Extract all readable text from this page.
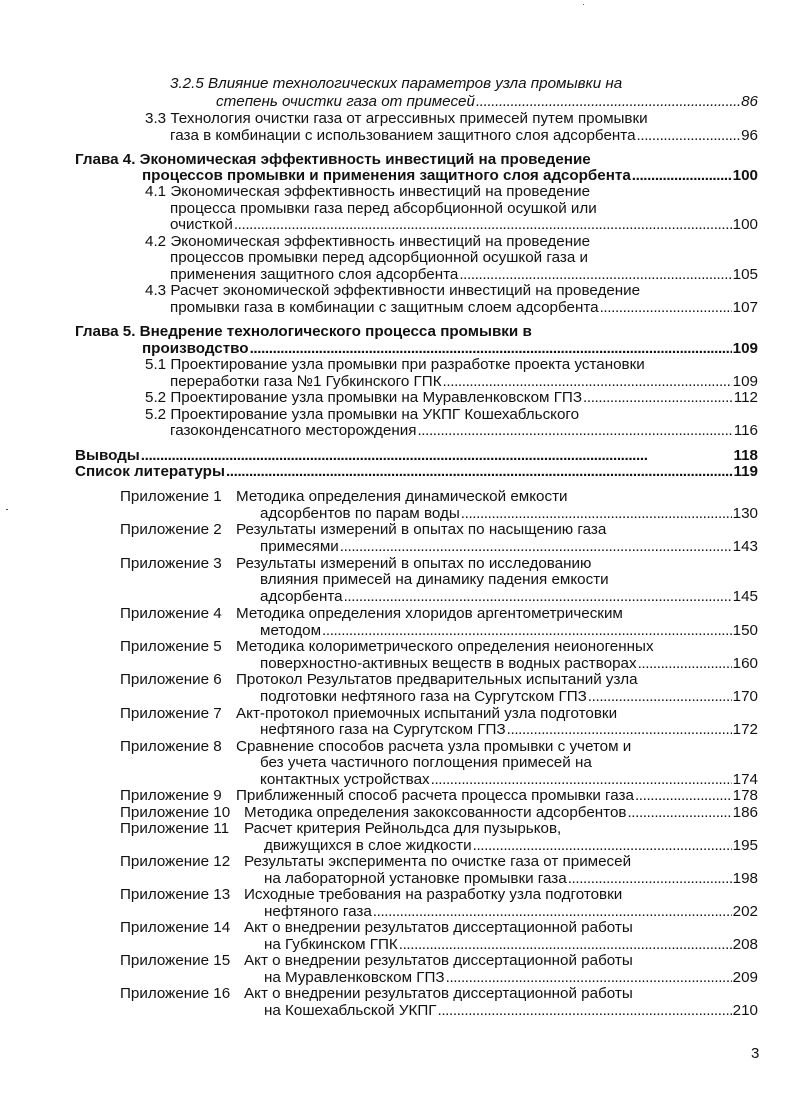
3.2.5 Влияние технологических параметров узла промывки на
степень очистки газа от примесей . . .	86
3.3 Технология очистки газа от агрессивных примесей путем промывки
газа в комбинации с использованием защитного слоя адсорбента . . .	96
Глава 4. Экономическая эффективность инвестиций на проведение
процессов промывки и применения защитного слоя адсорбента . . .	100
4.1 Экономическая эффективность инвестиций на проведение
процесса промывки газа перед абсорбционной осушкой или
очисткой . . .	100
4.2 Экономическая эффективность инвестиций на проведение
процессов промывки перед адсорбционной осушкой газа и
применения защитного слоя адсорбента . . .	105
4.3 Расчет экономической эффективности инвестиций на проведение
промывки газа в комбинации с защитным слоем адсорбента . . .	107
Глава 5. Внедрение технологического процесса промывки в
производство . . .	109
5.1 Проектирование узла промывки при разработке проекта установки
переработки газа №1 Губкинского ГПК . . .	109
5.2 Проектирование узла промывки на Муравленковском ГПЗ . . .	112
5.2 Проектирование узла промывки на УКПГ Кошехабльского
газоконденсатного месторождения . . .	116
Выводы . . .	118
Список литературы . . .	119
Приложение 1 Методика определения динамической емкости
адсорбентов по парам воды . . .	130
Приложение 2 Результаты измерений в опытах по насыщению газа
примесями . . .	143
Приложение 3 Результаты измерений в опытах по исследованию
влияния примесей на динамику падения емкости
адсорбента . . .	145
Приложение 4 Методика определения хлоридов аргентометрическим
методом . . .	150
Приложение 5 Методика колориметрического определения неионогенных
поверхностно-активных веществ в водных растворах . . .	160
Приложение 6 Протокол Результатов предварительных испытаний узла
подготовки нефтяного газа на Сургутском ГПЗ . . .	170
Приложение 7 Акт-протокол приемочных испытаний узла подготовки
нефтяного газа на Сургутском ГПЗ . . .	172
Приложение 8 Сравнение способов расчета узла промывки с учетом и
без учета частичного поглощения примесей на
контактных устройствах . . .	174
Приложение 9 Приближенный способ расчета процесса промывки газа . . .	178
Приложение 10 Методика определения закоксованности адсорбентов . . .	186
Приложение 11 Расчет критерия Рейнольдса для пузырьков,
движущихся в слое жидкости . . .	195
Приложение 12 Результаты эксперимента по очистке газа от примесей
на лабораторной установке промывки газа . . .	198
Приложение 13 Исходные требования на разработку узла подготовки
нефтяного газа . . .	202
Приложение 14 Акт о внедрении результатов диссертационной работы
на Губкинском ГПК . . .	208
Приложение 15 Акт о внедрении результатов диссертационной работы
на Муравленковском ГПЗ . . .	209
Приложение 16 Акт о внедрении результатов диссертационной работы
на Кошехабльской УКПГ . . .	210
3
